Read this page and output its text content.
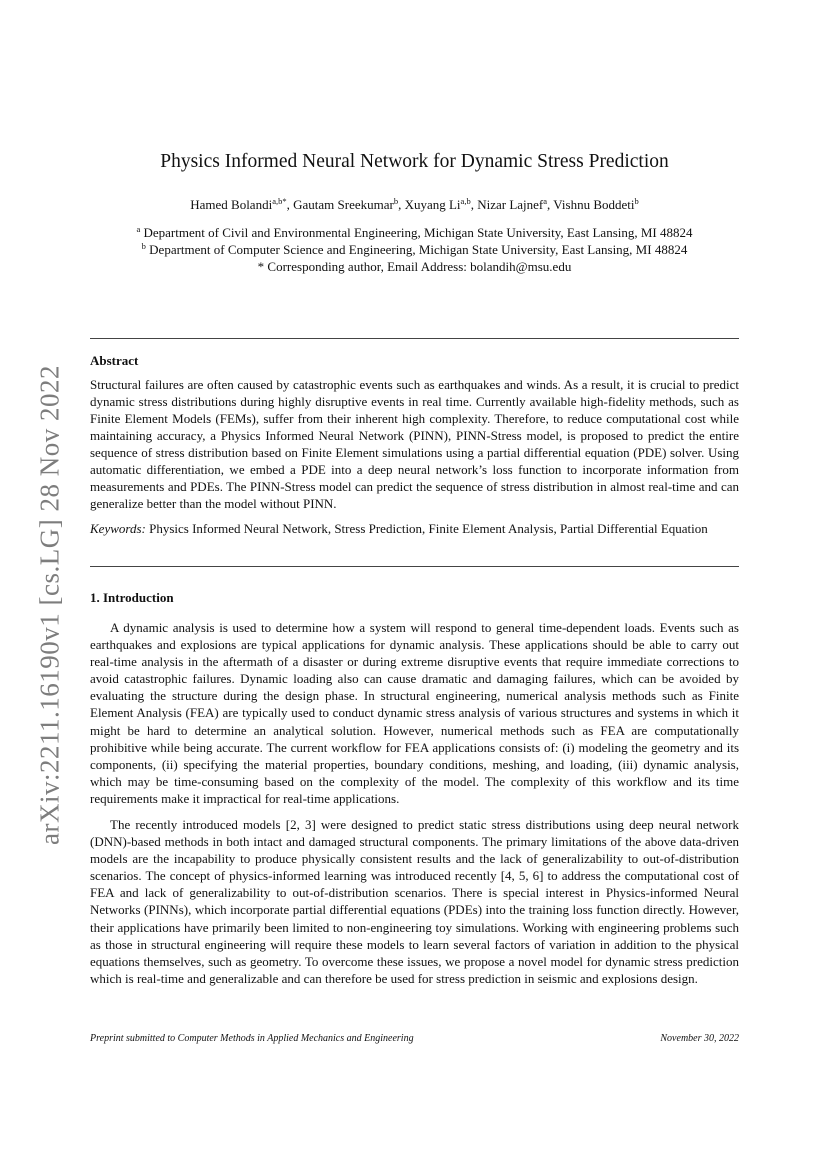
arXiv:2211.16190v1 [cs.LG] 28 Nov 2022
Physics Informed Neural Network for Dynamic Stress Prediction
Hamed Bolandi$^{a,b*}$, Gautam Sreekumar$^b$, Xuyang Li$^{a,b}$, Nizar Lajnef$^a$, Vishnu Boddeti$^b$
$^a$ Department of Civil and Environmental Engineering, Michigan State University, East Lansing, MI 48824
$^b$ Department of Computer Science and Engineering, Michigan State University, East Lansing, MI 48824
* Corresponding author, Email Address: bolandih@msu.edu
Abstract

Structural failures are often caused by catastrophic events such as earthquakes and winds. As a result, it is crucial to predict dynamic stress distributions during highly disruptive events in real time. Currently available high-fidelity methods, such as Finite Element Models (FEMs), suffer from their inherent high complexity. Therefore, to reduce computational cost while maintaining accuracy, a Physics Informed Neural Network (PINN), PINN-Stress model, is proposed to predict the entire sequence of stress distribution based on Finite Element simulations using a partial differential equation (PDE) solver. Using automatic differentiation, we embed a PDE into a deep neural network’s loss function to incorporate information from measurements and PDEs. The PINN-Stress model can predict the sequence of stress distribution in almost real-time and can generalize better than the model without PINN.

Keywords: Physics Informed Neural Network, Stress Prediction, Finite Element Analysis, Partial Differential Equation

1. Introduction

A dynamic analysis is used to determine how a system will respond to general time-dependent loads. Events such as earthquakes and explosions are typical applications for dynamic analysis. These applications should be able to carry out real-time analysis in the aftermath of a disaster or during extreme disruptive events that require immediate corrections to avoid catastrophic failures. Dynamic loading also can cause dramatic and damaging failures, which can be avoided by evaluating the structure during the design phase. In structural engineering, numerical analysis methods such as Finite Element Analysis (FEA) are typically used to conduct dynamic stress analysis of various structures and systems in which it might be hard to determine an analytical solution. However, numerical methods such as FEA are computationally prohibitive while being accurate. The current workflow for FEA applications consists of: (i) modeling the geometry and its components, (ii) specifying the material properties, boundary conditions, meshing, and loading, (iii) dynamic analysis, which may be time-consuming based on the complexity of the model. The complexity of this workflow and its time requirements make it impractical for real-time applications.

The recently introduced models [2, 3] were designed to predict static stress distributions using deep neural network (DNN)-based methods in both intact and damaged structural components. The primary limitations of the above data-driven models are the incapability to produce physically consistent results and the lack of generalizability to out-of-distribution scenarios. The concept of physics-informed learning was introduced recently [4, 5, 6] to address the computational cost of FEA and lack of generalizability to out-of-distribution scenarios. There is special interest in Physics-informed Neural Networks (PINNs), which incorporate partial differential equations (PDEs) into the training loss function directly. However, their applications have primarily been limited to non-engineering toy simulations. Working with engineering problems such as those in structural engineering will require these models to learn several factors of variation in addition to the physical equations themselves, such as geometry. To overcome these issues, we propose a novel model for dynamic stress prediction which is real-time and generalizable and can therefore be used for stress prediction in seismic and explosions design.

Preprint submitted to Computer Methods in Applied Mechanics and Engineering	November 30, 2022
